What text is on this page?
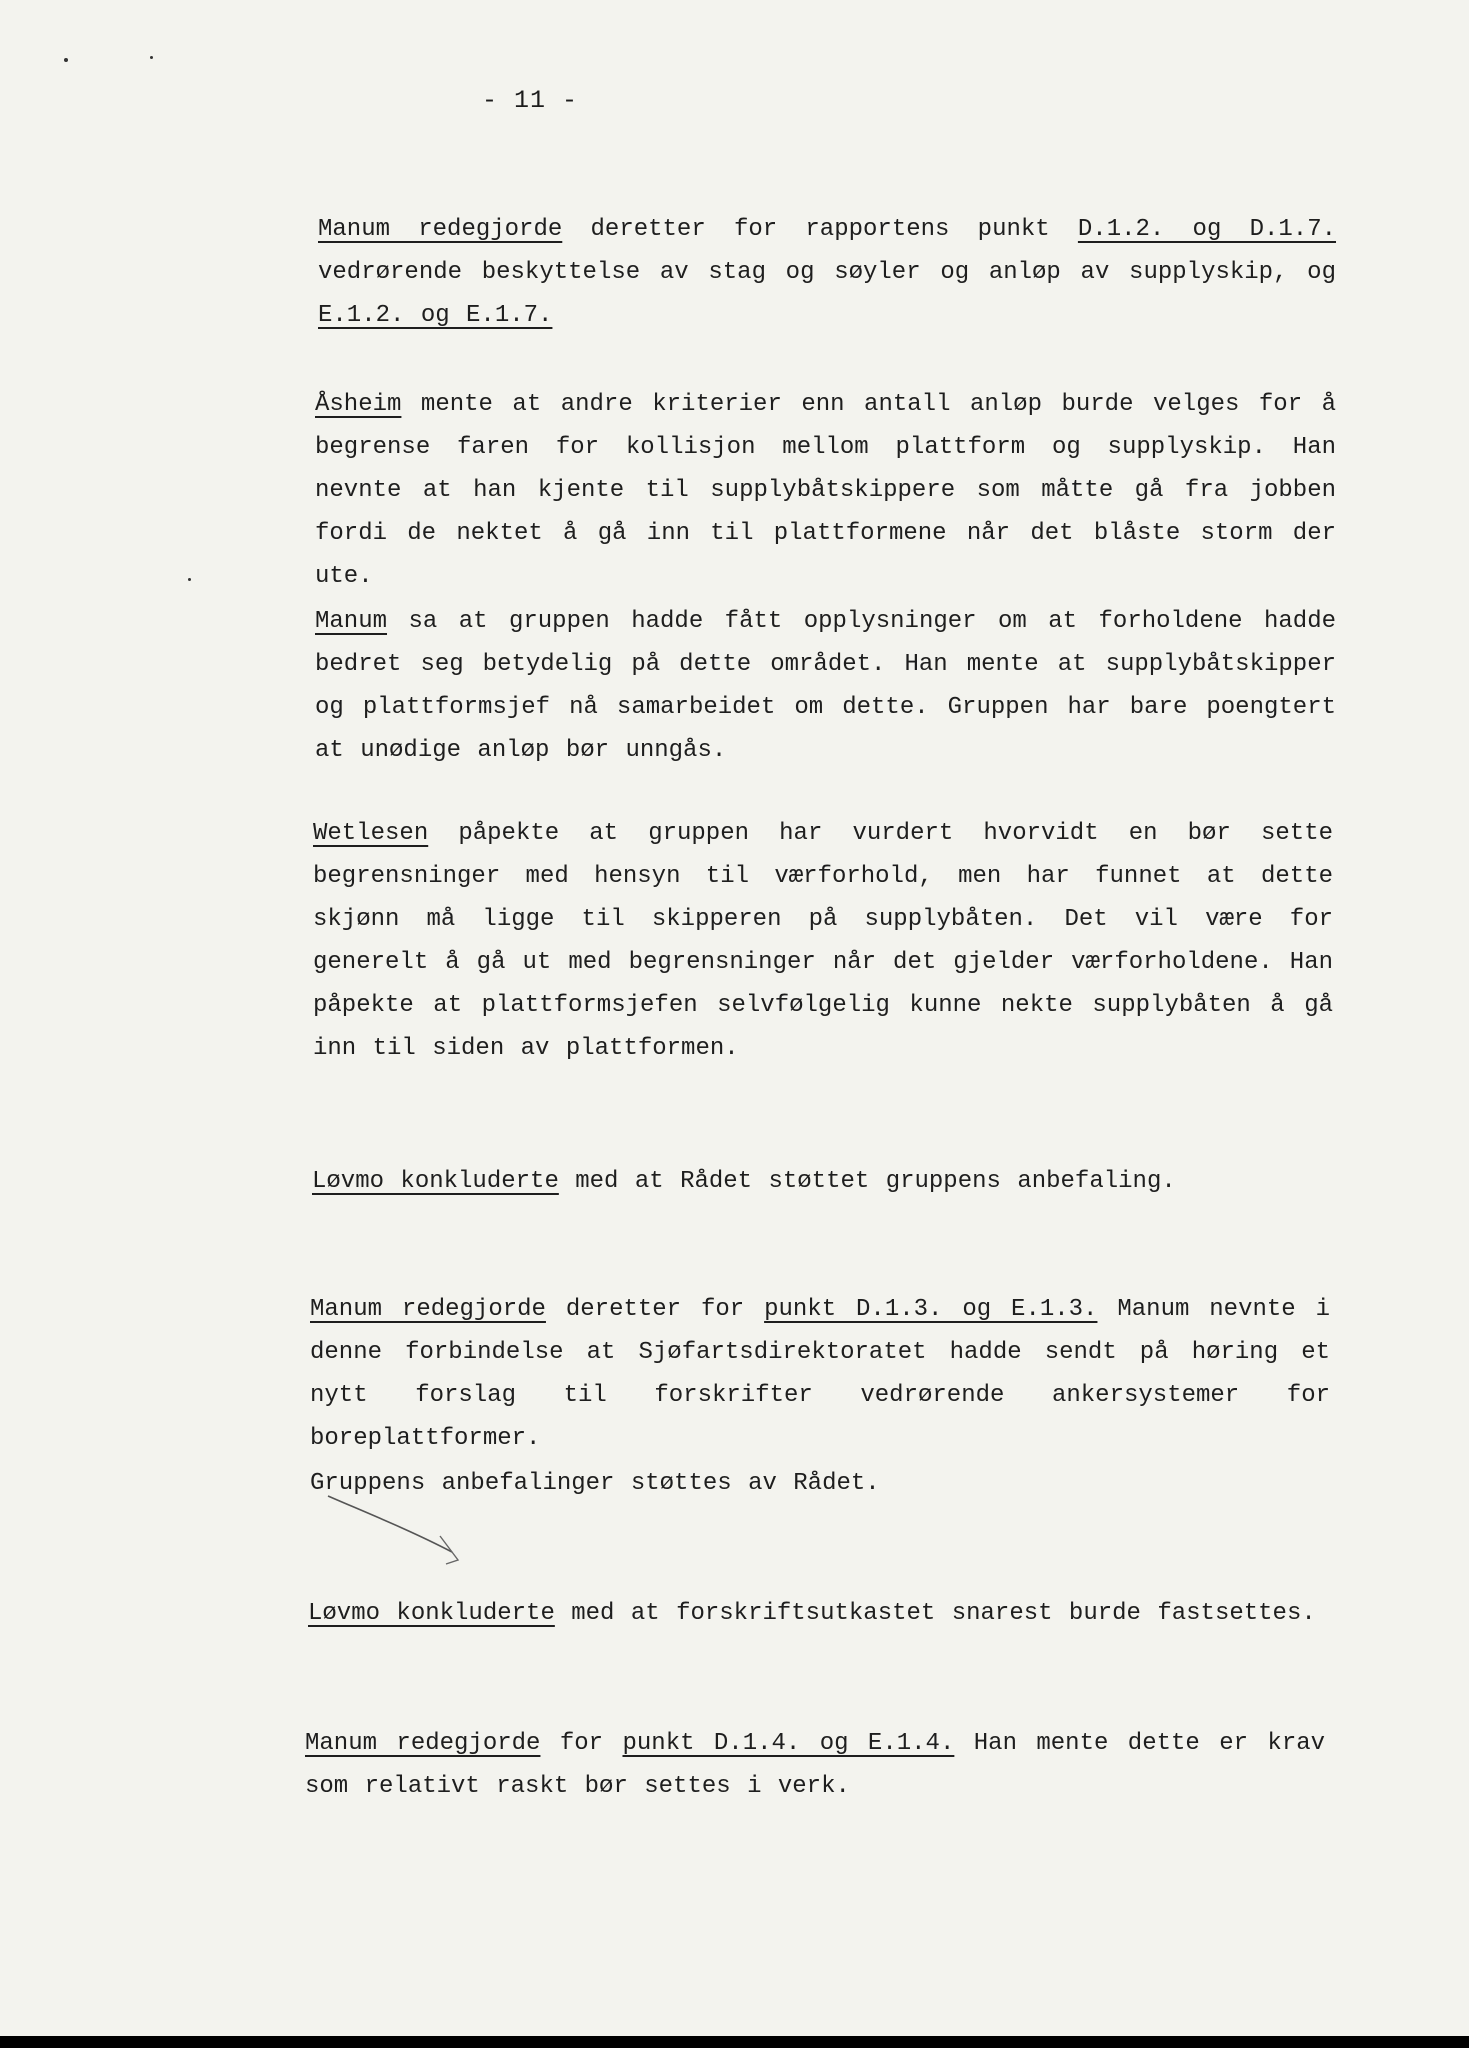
- 11 -

Manum redegjorde deretter for rapportens punkt D.1.2. og D.1.7. vedrørende beskyttelse av stag og søyler og anløp av supplyskip, og E.1.2. og E.1.7.

Åsheim mente at andre kriterier enn antall anløp burde velges for å begrense faren for kollisjon mellom plattform og supplyskip. Han nevnte at han kjente til supplybåtskippere som måtte gå fra jobben fordi de nektet å gå inn til plattformene når det blåste storm der ute.

Manum sa at gruppen hadde fått opplysninger om at forholdene hadde bedret seg betydelig på dette området. Han mente at supplybåtskipper og plattformsjef nå samarbeidet om dette. Gruppen har bare poengtert at unødige anløp bør unngås.

Wetlesen påpekte at gruppen har vurdert hvorvidt en bør sette begrensninger med hensyn til værforhold, men har funnet at dette skjønn må ligge til skipperen på supplybåten. Det vil være for generelt å gå ut med begrensninger når det gjelder værforholdene. Han påpekte at plattformsjefen selvfølgelig kunne nekte supplybåten å gå inn til siden av plattformen.

Løvmo konkluderte med at Rådet støttet gruppens anbefaling.

Manum redegjorde deretter for punkt D.1.3. og E.1.3. Manum nevnte i denne forbindelse at Sjøfartsdirektoratet hadde sendt på høring et nytt forslag til forskrifter vedrørende ankersystemer for boreplattformer.

Gruppens anbefalinger støttes av Rådet.

Løvmo konkluderte med at forskriftsutkastet snarest burde fastsettes.

Manum redegjorde for punkt D.1.4. og E.1.4. Han mente dette er krav som relativt raskt bør settes i verk.
